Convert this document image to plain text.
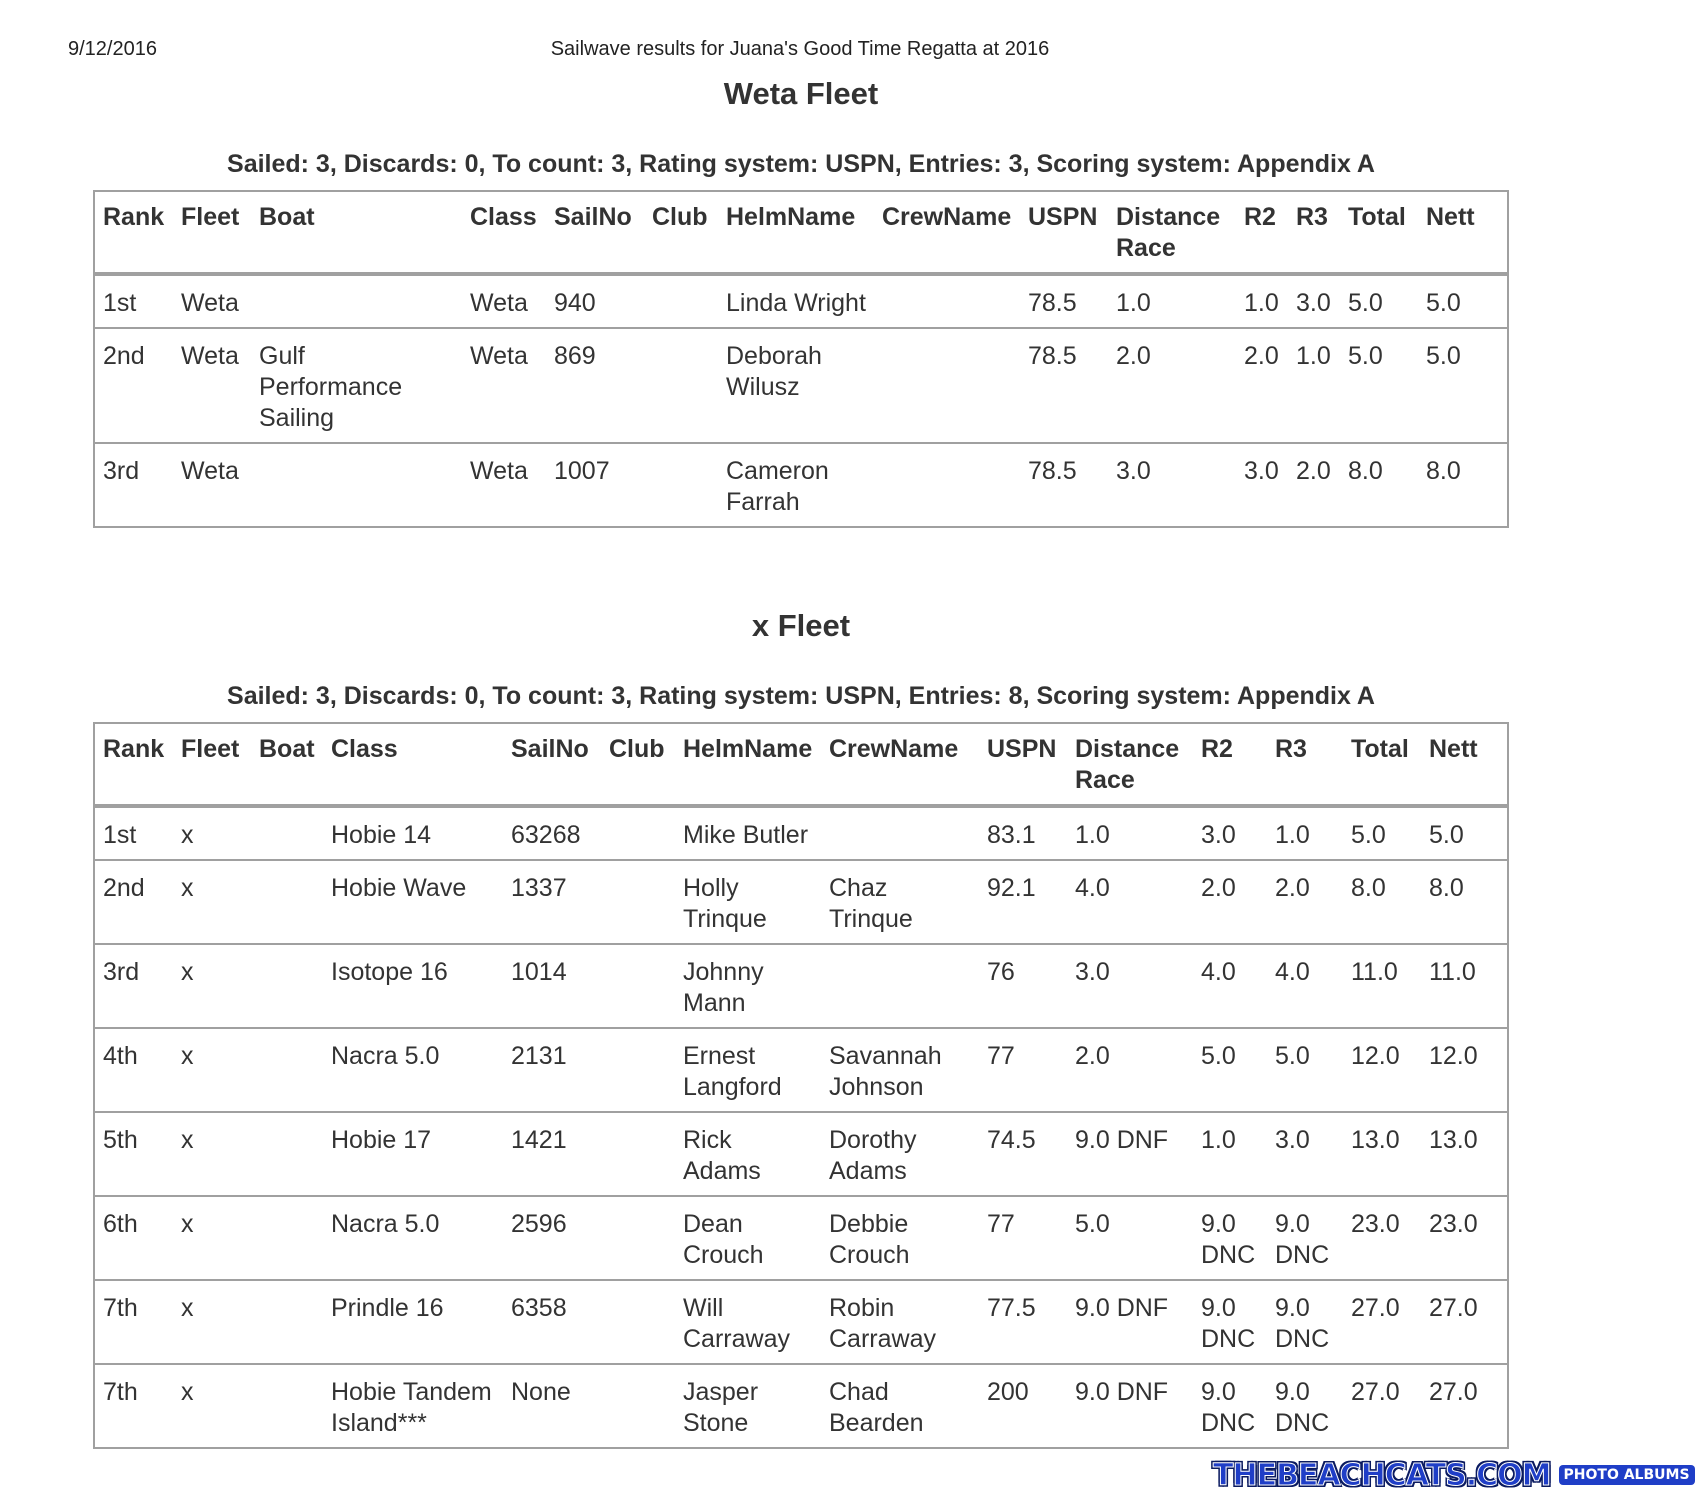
9/12/2016	Sailwave results for Juana's Good Time Regatta at 2016
Weta Fleet

Sailed: 3, Discards: 0, To count: 3, Rating system: USPN, Entries: 3, Scoring system: Appendix A

Rank	Fleet	Boat	Class	SailNo	Club	HelmName	CrewName	USPN	Distance Race	R2	R3	Total	Nett
1st	Weta		Weta	940		Linda Wright		78.5	1.0	1.0	3.0	5.0	5.0
2nd	Weta	Gulf Performance Sailing	Weta	869		Deborah Wilusz		78.5	2.0	2.0	1.0	5.0	5.0
3rd	Weta		Weta	1007		Cameron Farrah		78.5	3.0	3.0	2.0	8.0	8.0
x Fleet

Sailed: 3, Discards: 0, To count: 3, Rating system: USPN, Entries: 8, Scoring system: Appendix A

Rank	Fleet	Boat	Class	SailNo	Club	HelmName	CrewName	USPN	Distance Race	R2	R3	Total	Nett
1st	x		Hobie 14	63268		Mike Butler		83.1	1.0	3.0	1.0	5.0	5.0
2nd	x		Hobie Wave	1337		Holly Trinque	Chaz Trinque	92.1	4.0	2.0	2.0	8.0	8.0
3rd	x		Isotope 16	1014		Johnny Mann		76	3.0	4.0	4.0	11.0	11.0
4th	x		Nacra 5.0	2131		Ernest Langford	Savannah Johnson	77	2.0	5.0	5.0	12.0	12.0
5th	x		Hobie 17	1421		Rick Adams	Dorothy Adams	74.5	9.0 DNF	1.0	3.0	13.0	13.0
6th	x		Nacra 5.0	2596		Dean Crouch	Debbie Crouch	77	5.0	9.0 DNC	9.0 DNC	23.0	23.0
7th	x		Prindle 16	6358		Will Carraway	Robin Carraway	77.5	9.0 DNF	9.0 DNC	9.0 DNC	27.0	27.0
7th	x		Hobie Tandem Island***	None		Jasper Stone	Chad Bearden	200	9.0 DNF	9.0 DNC	9.0 DNC	27.0	27.0
THEBEACHCATS.COM PHOTO ALBUMS
